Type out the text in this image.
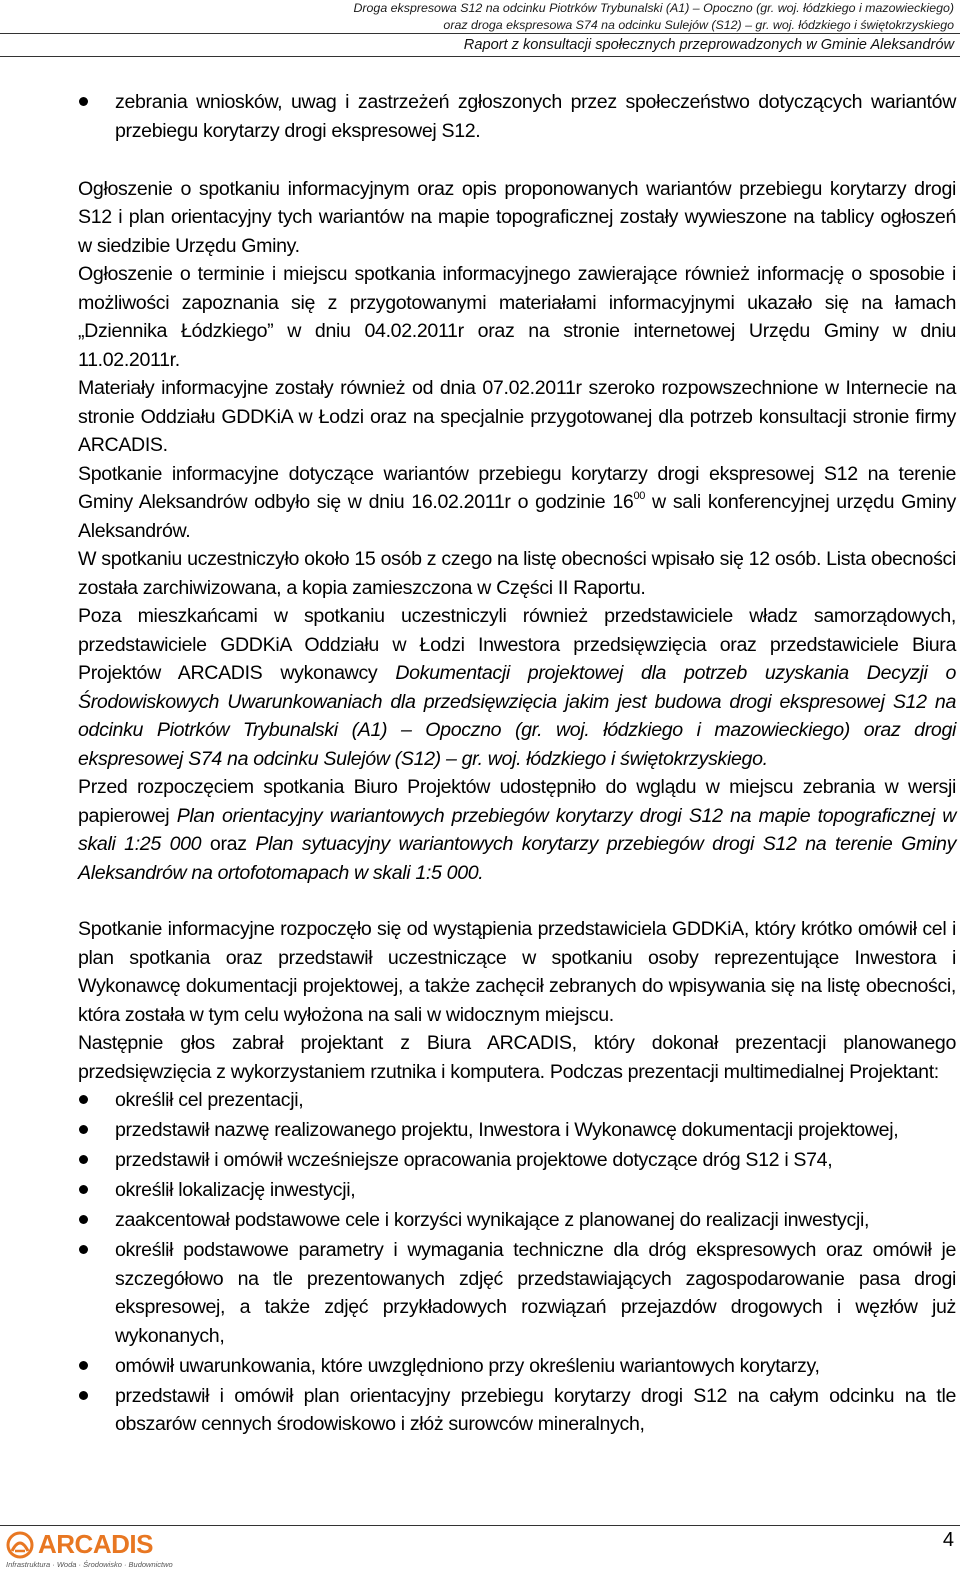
Droga ekspresowa S12 na odcinku Piotrków Trybunalski (A1) – Opoczno (gr. woj. łódzkiego i mazowieckiego)
oraz droga ekspresowa S74 na odcinku Sulejów (S12) – gr. woj. łódzkiego i świętokrzyskiego
Raport z konsultacji społecznych przeprowadzonych w Gminie Aleksandrów
zebrania wniosków, uwag i zastrzeżeń zgłoszonych przez społeczeństwo dotyczących wariantów przebiegu korytarzy drogi ekspresowej S12.

Ogłoszenie o spotkaniu informacyjnym oraz opis proponowanych wariantów przebiegu korytarzy drogi S12 i plan orientacyjny tych wariantów na mapie topograficznej zostały wywieszone na tablicy ogłoszeń w siedzibie Urzędu Gminy.

Ogłoszenie o terminie i miejscu spotkania informacyjnego zawierające również informację o sposobie i możliwości zapoznania się z przygotowanymi materiałami informacyjnymi ukazało się na łamach „Dziennika Łódzkiego” w dniu 04.02.2011r oraz na stronie internetowej Urzędu Gminy w dniu 11.02.2011r.

Materiały informacyjne zostały również od dnia 07.02.2011r szeroko rozpowszechnione w Internecie na stronie Oddziału GDDKiA w Łodzi oraz na specjalnie przygotowanej dla potrzeb konsultacji stronie firmy ARCADIS.

Spotkanie informacyjne dotyczące wariantów przebiegu korytarzy drogi ekspresowej S12 na terenie Gminy Aleksandrów odbyło się w dniu 16.02.2011r o godzinie $16^{00}$ w sali konferencyjnej urzędu Gminy Aleksandrów.

W spotkaniu uczestniczyło około 15 osób z czego na listę obecności wpisało się 12 osób. Lista obecności została zarchiwizowana, a kopia zamieszczona w Części II Raportu.

Poza mieszkańcami w spotkaniu uczestniczyli również przedstawiciele władz samorządowych, przedstawiciele GDDKiA Oddziału w Łodzi Inwestora przedsięwzięcia oraz przedstawiciele Biura Projektów ARCADIS wykonawcy Dokumentacji projektowej dla potrzeb uzyskania Decyzji o Środowiskowych Uwarunkowaniach dla przedsięwzięcia jakim jest budowa drogi ekspresowej S12 na odcinku Piotrków Trybunalski (A1) – Opoczno (gr. woj. łódzkiego i mazowieckiego) oraz drogi ekspresowej S74 na odcinku Sulejów (S12) – gr. woj. łódzkiego i świętokrzyskiego.

Przed rozpoczęciem spotkania Biuro Projektów udostępniło do wglądu w miejscu zebrania w wersji papierowej Plan orientacyjny wariantowych przebiegów korytarzy drogi S12 na mapie topograficznej w skali 1:25 000 oraz Plan sytuacyjny wariantowych korytarzy przebiegów drogi S12 na terenie Gminy Aleksandrów na ortofotomapach w skali 1:5 000.

Spotkanie informacyjne rozpoczęło się od wystąpienia przedstawiciela GDDKiA, który krótko omówił cel i plan spotkania oraz przedstawił uczestniczące w spotkaniu osoby reprezentujące Inwestora i Wykonawcę dokumentacji projektowej, a także zachęcił zebranych do wpisywania się na listę obecności, która została w tym celu wyłożona na sali w widocznym miejscu.

Następnie głos zabrał projektant z Biura ARCADIS, który dokonał prezentacji planowanego przedsięwzięcia z wykorzystaniem rzutnika i komputera. Podczas prezentacji multimedialnej Projektant:

określił cel prezentacji,
przedstawił nazwę realizowanego projektu, Inwestora i Wykonawcę dokumentacji projektowej,
przedstawił i omówił wcześniejsze opracowania projektowe dotyczące dróg S12 i S74,
określił lokalizację inwestycji,
zaakcentował podstawowe cele i korzyści wynikające z planowanej do realizacji inwestycji,
określił podstawowe parametry i wymagania techniczne dla dróg ekspresowych oraz omówił je szczegółowo na tle prezentowanych zdjęć przedstawiających zagospodarowanie pasa drogi ekspresowej, a także zdjęć przykładowych rozwiązań przejazdów drogowych i węzłów już wykonanych,
omówił uwarunkowania, które uwzględniono przy określeniu wariantowych korytarzy,
przedstawił i omówił plan orientacyjny przebiegu korytarzy drogi S12 na całym odcinku na tle obszarów cennych środowiskowo i złóż surowców mineralnych,
ARCADIS
Infrastruktura · Woda · Środowisko · Budownictwo
4
